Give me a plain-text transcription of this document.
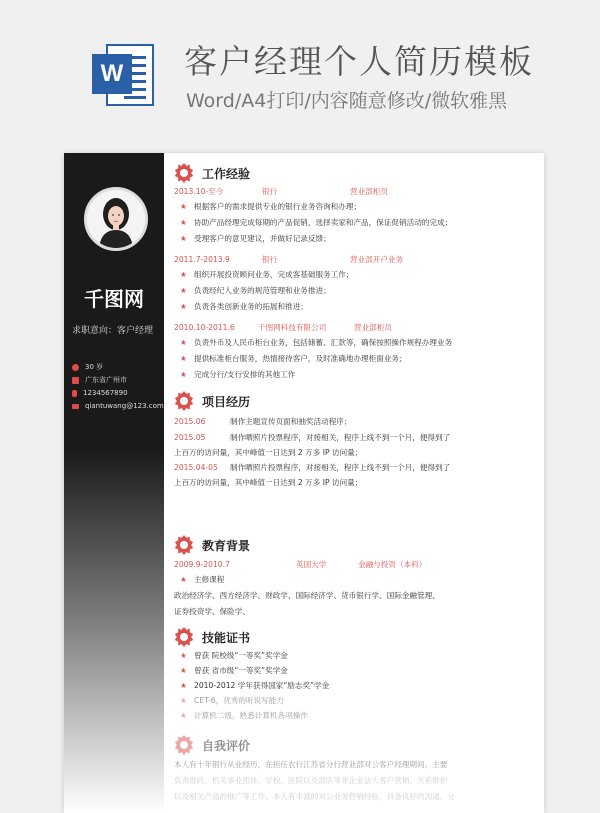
W 客户经理个人简历模板
Word/A4打印/内容随意修改/微软雅黑
千图网
求职意向：客户经理
30 岁
广东省广州市
1234567890
qiantuwang@123.com
工作经验
2013.10-至今	银行	营业部柜员
★ 根据客户的需求提供专业的银行业务咨询和办理；
★ 协助产品经理完成每期的产品促销，选择卖家和产品，保证促销活动的完成；
★ 受理客户的意见建议，并做好记录反馈；
2011.7-2013.9	银行	营业部开户业务
★ 组织开展投资顾问业务，完成客基础服务工作；
★ 负责经纪人业务的规范管理和业务推进；
★ 负责各类创新业务的拓展和推进；
2010.10-2011.6	千图网科技有限公司	营业部柜员
★ 负责外币及人民币柜台业务，包括储蓄、汇款等，确保按照操作规程办理业务
★ 提供标准柜台服务，热情接待客户，及时准确地办理柜面业务；
★ 完成分行/支行安排的其他工作
项目经历
2015.06	制作主题宣传页面和抽奖活动程序；
2015.05	制作晒照片投票程序，对接相关，程序上线不到一个月，便得到了
上百万的访问量，其中峰值一日达到 2 万多 IP 访问量；
2015.04-05 制作晒照片投票程序，对接相关，程序上线不到一个月，便得到了
上百万的访问量，其中峰值一日达到 2 万多 IP 访问量；
教育背景
2009.9-2010.7	英国大学	金融与投资（本科）
★ 主修课程
政治经济学、西方经济学、财政学、国际经济学、货币银行学、国际金融管理、
证券投资学、保险学、
技能证书
★ 曾获 院校级“一等奖”奖学金
★ 曾获 省市级“一等奖”奖学金
★ 2010-2012 学年获得国家“励志奖”学金
★ CET-6，优秀的听说写能力
★ 计算机二级，熟悉计算机各项操作
自我评价
本人有十年银行从业经历，在担任农行江苏省分行营业部对公客户经理期间，主要
负责财政、机关事业团体、学校、医院以及部队等非企业法人客户营销。关系维护
以及相关产品的推广等工作。本人有丰富的对公业务营销经验，具备良好的沟通、分
